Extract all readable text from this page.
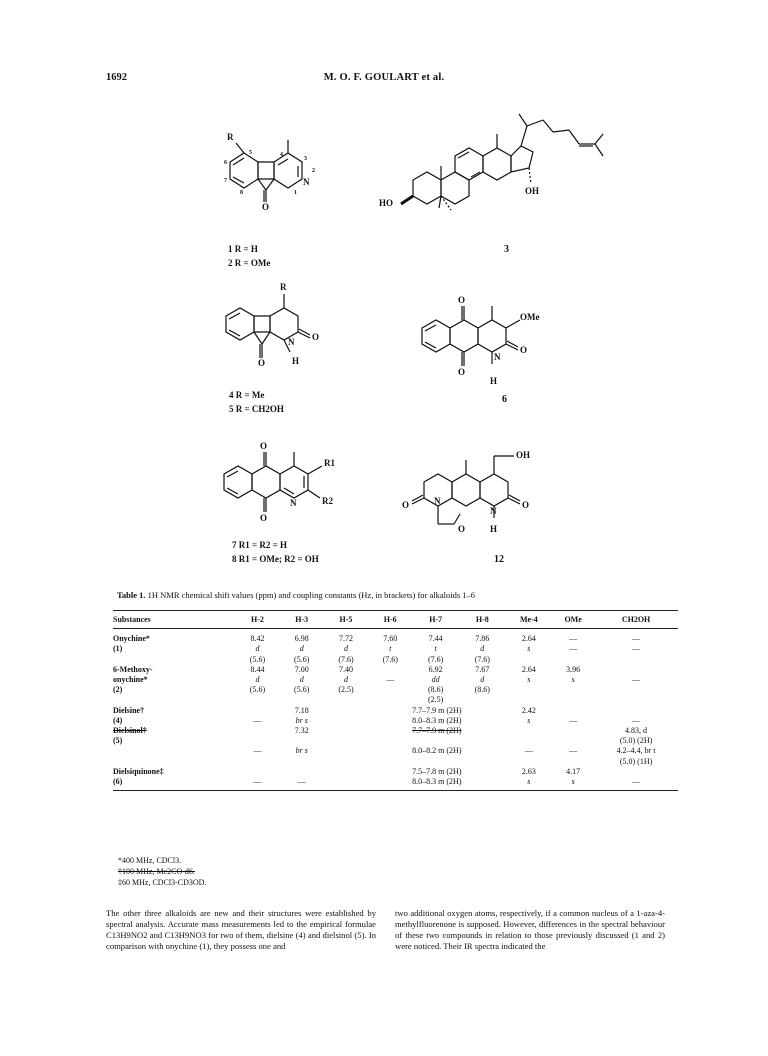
1692	M. O. F. GOULART et al.
R
O
N
5
6
7
8
4
3
2
1
1 R = H
2 R = OMe
HO
OH
3
R
O
O
N
H
4 R = Me
5 R = CH2OH
O
O
O
OMe
N
H
6
O
O
R1
R2
N
7 R1 = R2 = H
8 R1 = OMe; R2 = OH
OH
O
O
O
N
N
H
12
Table 1. 1H NMR chemical shift values (ppm) and coupling constants (Hz, in brackets) for alkaloids 1–6
Substances	H-2	H-3	H-5	H-6	H-7	H-8	Me-4	OMe	CH2OH

Onychine*	8.42	6.98	7.72	7.60	7.44	7.86	2.64	—	—
(1)	d	d	d	t	t	d	s	—	—
	(5.6)	(5.6)	(7.6)	(7.6)	(7.6)	(7.6)			
6-Methoxy-	8.44	7.00	7.40		6.92	7.67	2.64	3.96	
onychine*	d	d	d	—	dd	d	s	s	—
(2)	(5.6)	(5.6)	(2.5)		(8.6)	(8.6)			
					(2.5)				
Dielsine†		7.18		7.7–7.9 m (2H)			2.42		
(4)	—	br s		8.0–8.3 m (2H)			s	—	—
Dielsinol†		7.32		7.7–7.9 m (2H)					4.83, d
(5)									(5.0) (2H)
	—	br s		8.0–8.2 m (2H)			—	—	4.2–4.4, br t
									(5.0) (1H)
Dielsiquinone‡				7.5–7.8 m (2H)			2.63	4.17	
(6)	—	—		8.0–8.3 m (2H)			s	s	—
*400 MHz, CDCl3.
†100 MHz, Me2CO-d6.
‡60 MHz, CDCl3-CD3OD.
The other three alkaloids are new and their structures were established by spectral analysis. Accurate mass measurements led to the empirical formulae C13H9NO2 and C13H9NO3 for two of them, dielsine (4) and dielsinol (5). In comparison with onychine (1), they possess one and
two additional oxygen atoms, respectively, if a common nucleus of a 1-aza-4-methylfluorenone is supposed. However, differences in the spectral behaviour of these two compounds in relation to those previously discussed (1 and 2) were noticed. Their IR spectra indicated the
